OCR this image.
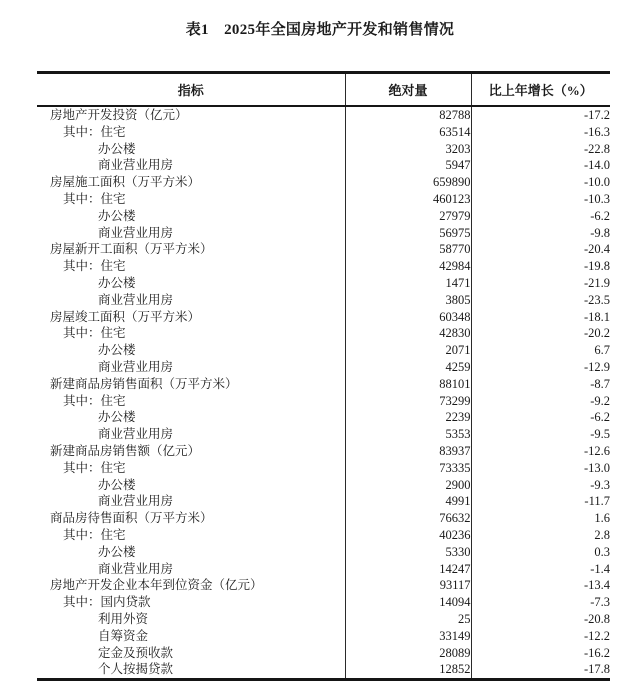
表1　2025年全国房地产开发和销售情况
指标	绝对量	比上年增长（%）
房地产开发投资（亿元）	82788	-17.2
其中：住宅	63514	-16.3
办公楼	3203	-22.8
商业营业用房	5947	-14.0
房屋施工面积（万平方米）	659890	-10.0
其中：住宅	460123	-10.3
办公楼	27979	-6.2
商业营业用房	56975	-9.8
房屋新开工面积（万平方米）	58770	-20.4
其中：住宅	42984	-19.8
办公楼	1471	-21.9
商业营业用房	3805	-23.5
房屋竣工面积（万平方米）	60348	-18.1
其中：住宅	42830	-20.2
办公楼	2071	6.7
商业营业用房	4259	-12.9
新建商品房销售面积（万平方米）	88101	-8.7
其中：住宅	73299	-9.2
办公楼	2239	-6.2
商业营业用房	5353	-9.5
新建商品房销售额（亿元）	83937	-12.6
其中：住宅	73335	-13.0
办公楼	2900	-9.3
商业营业用房	4991	-11.7
商品房待售面积（万平方米）	76632	1.6
其中：住宅	40236	2.8
办公楼	5330	0.3
商业营业用房	14247	-1.4
房地产开发企业本年到位资金（亿元）	93117	-13.4
其中：国内贷款	14094	-7.3
利用外资	25	-20.8
自筹资金	33149	-12.2
定金及预收款	28089	-16.2
个人按揭贷款	12852	-17.8
